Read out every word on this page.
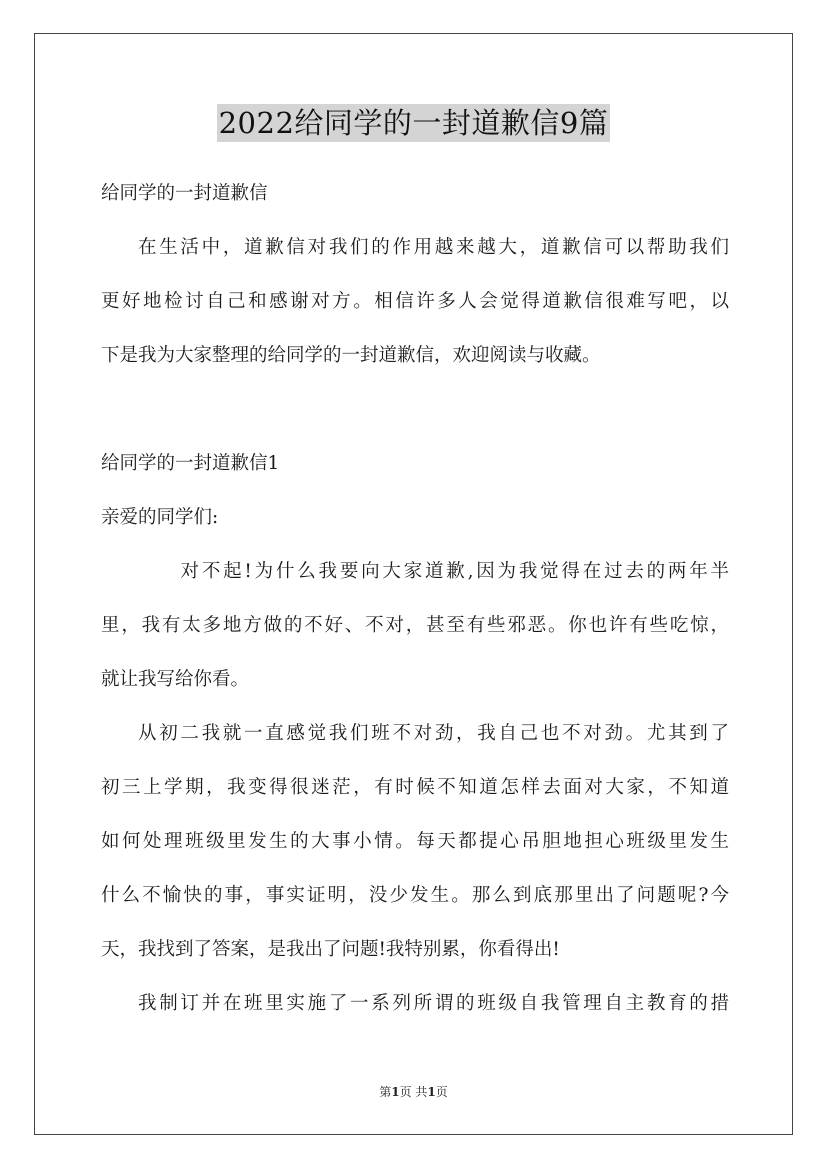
2022给同学的一封道歉信9篇
给同学的一封道歉信
在生活中，道歉信对我们的作用越来越大，道歉信可以帮助我们
更好地检讨自己和感谢对方。相信许多人会觉得道歉信很难写吧，以
下是我为大家整理的给同学的一封道歉信，欢迎阅读与收藏。
给同学的一封道歉信1
亲爱的同学们:
对不起!为什么我要向大家道歉,因为我觉得在过去的两年半
里，我有太多地方做的不好、不对，甚至有些邪恶。你也许有些吃惊，
就让我写给你看。
从初二我就一直感觉我们班不对劲，我自己也不对劲。尤其到了
初三上学期，我变得很迷茫，有时候不知道怎样去面对大家，不知道
如何处理班级里发生的大事小情。每天都提心吊胆地担心班级里发生
什么不愉快的事，事实证明，没少发生。那么到底那里出了问题呢?今
天，我找到了答案，是我出了问题!我特别累，你看得出!
我制订并在班里实施了一系列所谓的班级自我管理自主教育的措
第1页 共1页
